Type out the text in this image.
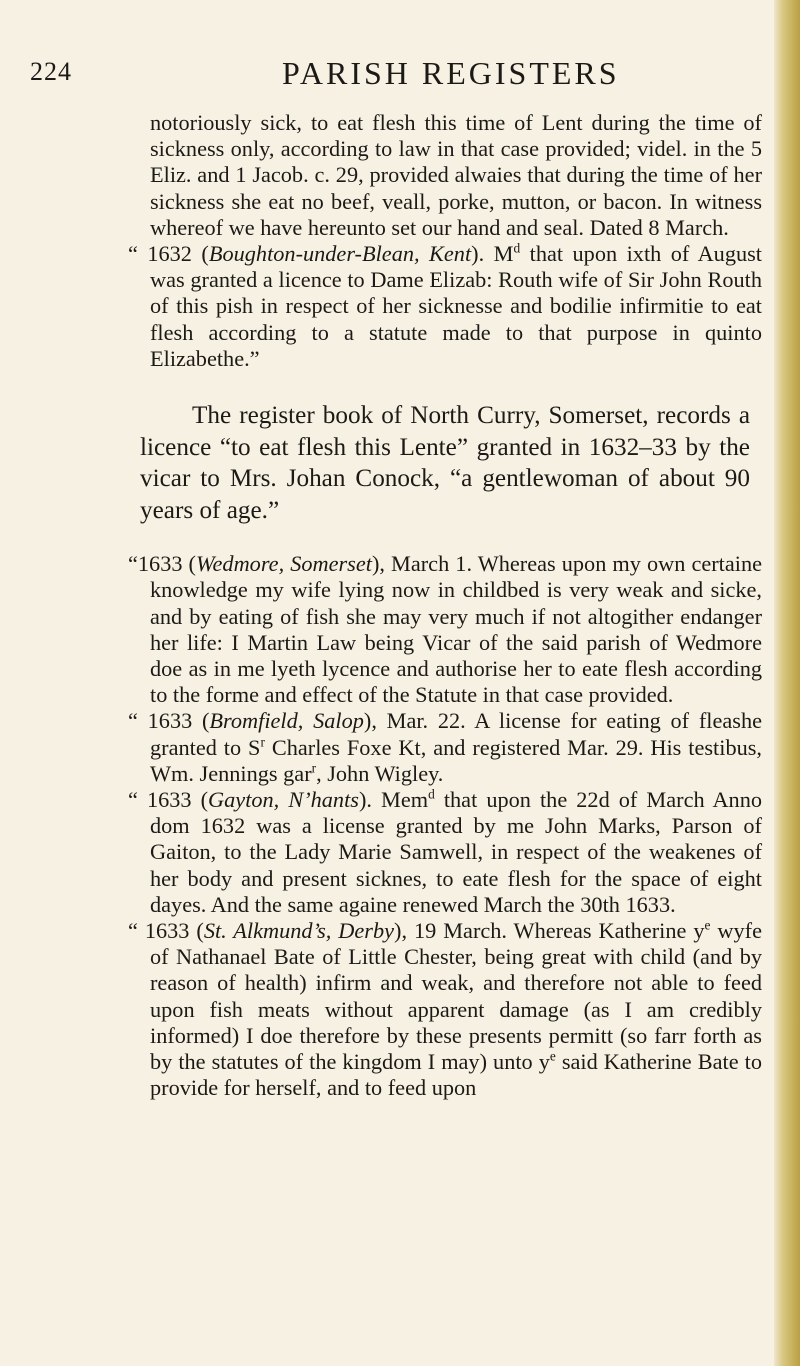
224	PARISH REGISTERS

notoriously sick, to eat flesh this time of Lent during the time of sickness only, according to law in that case provided; videl. in the 5 Eliz. and 1 Jacob. c. 29, provided alwaies that during the time of her sickness she eat no beef, veall, porke, mutton, or bacon. In witness whereof we have hereunto set our hand and seal. Dated 8 March.

“ 1632 (Boughton-under-Blean, Kent). $M^d$ that upon ixth of August was granted a licence to Dame Elizab: Routh wife of Sir John Routh of this pish in respect of her sicknesse and bodilie infirmitie to eat flesh according to a statute made to that purpose in quinto Elizabethe.”

The register book of North Curry, Somerset, records a licence “to eat flesh this Lente” granted in 1632–33 by the vicar to Mrs. Johan Conock, “a gentlewoman of about 90 years of age.”

“1633 (Wedmore, Somerset), March 1. Whereas upon my own certaine knowledge my wife lying now in childbed is very weak and sicke, and by eating of fish she may very much if not altogither endanger her life: I Martin Law being Vicar of the said parish of Wedmore doe as in me lyeth lycence and authorise her to eate flesh according to the forme and effect of the Statute in that case provided.

“ 1633 (Bromfield, Salop), Mar. 22. A license for eating of fleashe granted to $S^r$ Charles Foxe Kt, and registered Mar. 29. His testibus, Wm. Jennings gar$^r$, John Wigley.

“ 1633 (Gayton, N’hants). Mem$^d$ that upon the 22d of March Anno dom 1632 was a license granted by me John Marks, Parson of Gaiton, to the Lady Marie Samwell, in respect of the weakenes of her body and present sicknes, to eate flesh for the space of eight dayes. And the same againe renewed March the 30th 1633.

“ 1633 (St. Alkmund’s, Derby), 19 March. Whereas Katherine $y^e$ wyfe of Nathanael Bate of Little Chester, being great with child (and by reason of health) infirm and weak, and therefore not able to feed upon fish meats without apparent damage (as I am credibly informed) I doe therefore by these presents permitt (so farr forth as by the statutes of the kingdom I may) unto $y^e$ said Katherine Bate to provide for herself, and to feed upon
